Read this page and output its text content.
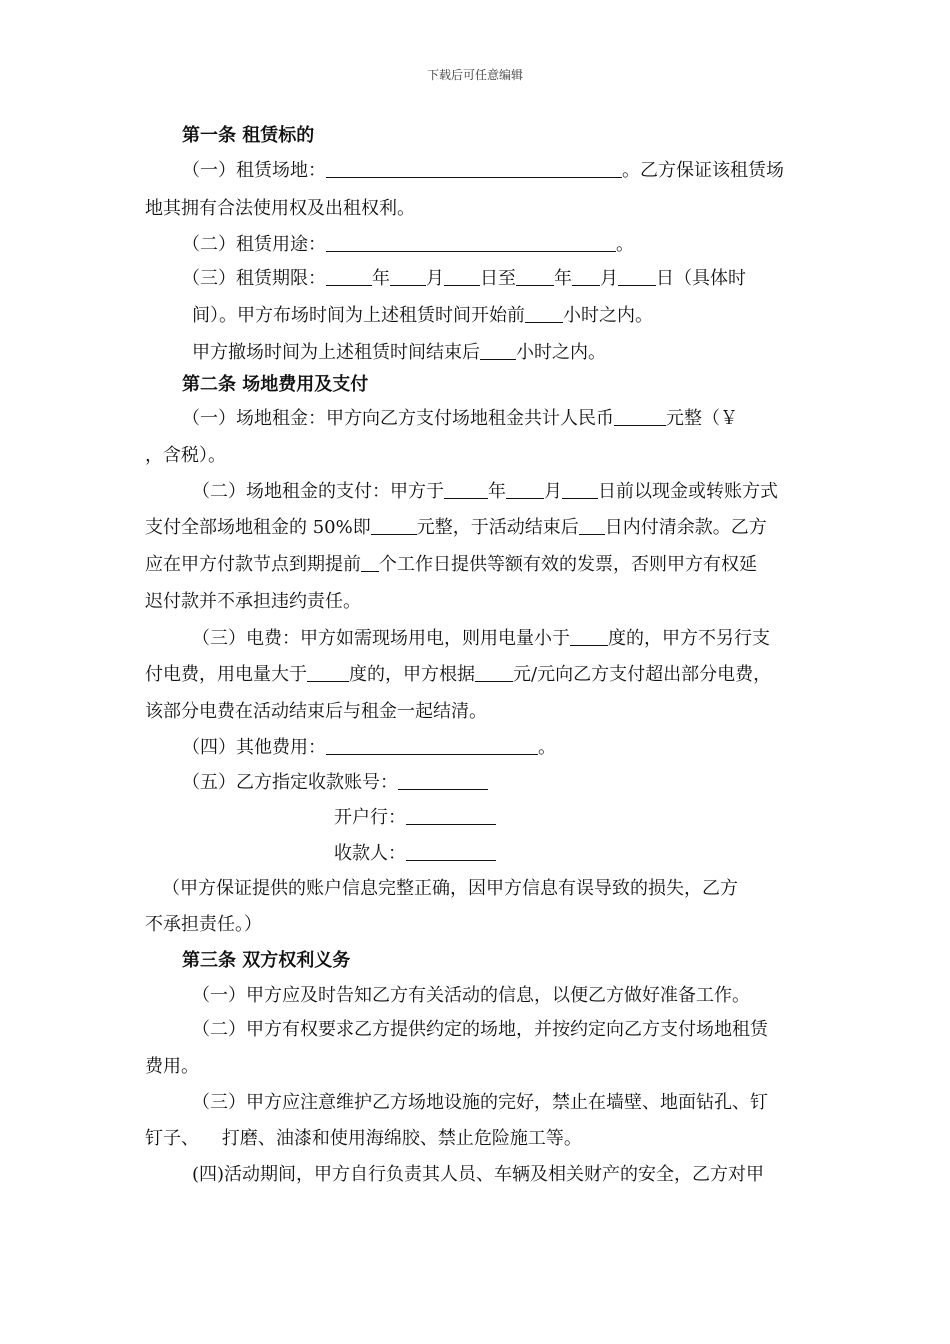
下载后可任意编辑
第一条 租赁标的
（一）租赁场地：	。乙方保证该租赁场
地其拥有合法使用权及出租权利。
（二）租赁用途：	。
（三）租赁期限：	年 月 日至 年 月 日（具体时
间）。甲方布场时间为上述租赁时间开始前 小时之内。
甲方撤场时间为上述租赁时间结束后 小时之内。
第二条 场地费用及支付
（一）场地租金：甲方向乙方支付场地租金共计人民币	元整（￥
，含税）。
（二）场地租金的支付：甲方于 年 月 日前以现金或转账方式
支付全部场地租金的 50%即	元整，于活动结束后 日内付清余款。乙方
应在甲方付款节点到期提前 个工作日提供等额有效的发票，否则甲方有权延
迟付款并不承担违约责任。
（三）电费：甲方如需现场用电，则用电量小于 度的，甲方不另行支
付电费，用电量大于 度的，甲方根据 元/元向乙方支付超出部分电费，
该部分电费在活动结束后与租金一起结清。
（四）其他费用：	。
（五）乙方指定收款账号：
开户行：
收款人：
（甲方保证提供的账户信息完整正确，因甲方信息有误导致的损失，乙方
不承担责任。）
第三条 双方权利义务
（一）甲方应及时告知乙方有关活动的信息，以便乙方做好准备工作。
（二）甲方有权要求乙方提供约定的场地，并按约定向乙方支付场地租赁
费用。
（三）甲方应注意维护乙方场地设施的完好，禁止在墙壁、地面钻孔、钉
钉子、    打磨、油漆和使用海绵胶、禁止危险施工等。
(四)活动期间，甲方自行负责其人员、车辆及相关财产的安全，乙方对甲
